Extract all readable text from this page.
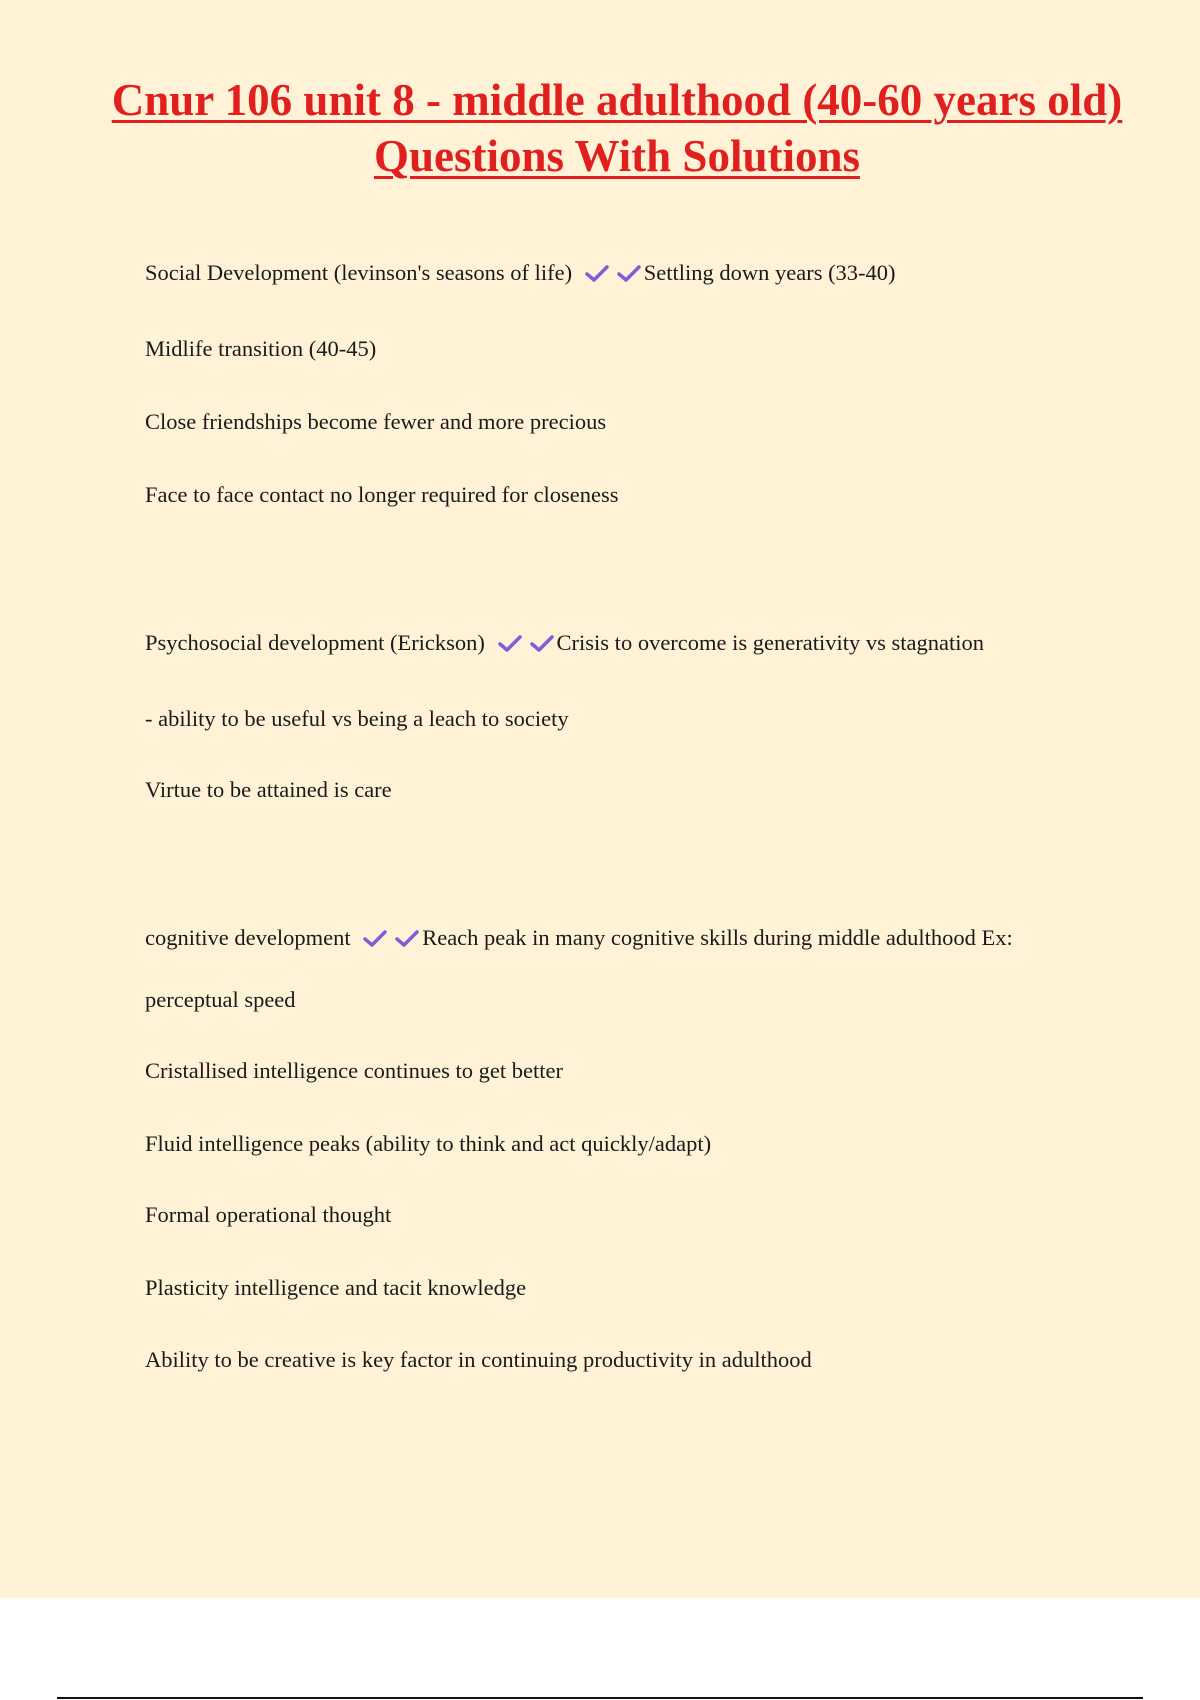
Cnur 106 unit 8 - middle adulthood (40-60 years old) Questions With Solutions

Social Development (levinson's seasons of life)	Settling down years (33-40)

Midlife transition (40-45)

Close friendships become fewer and more precious

Face to face contact no longer required for closeness

Psychosocial development (Erickson)	Crisis to overcome is generativity vs stagnation

- ability to be useful vs being a leach to society

Virtue to be attained is care

cognitive development	Reach peak in many cognitive skills during middle adulthood Ex:

perceptual speed

Cristallised intelligence continues to get better

Fluid intelligence peaks (ability to think and act quickly/adapt)

Formal operational thought

Plasticity intelligence and tacit knowledge

Ability to be creative is key factor in continuing productivity in adulthood
